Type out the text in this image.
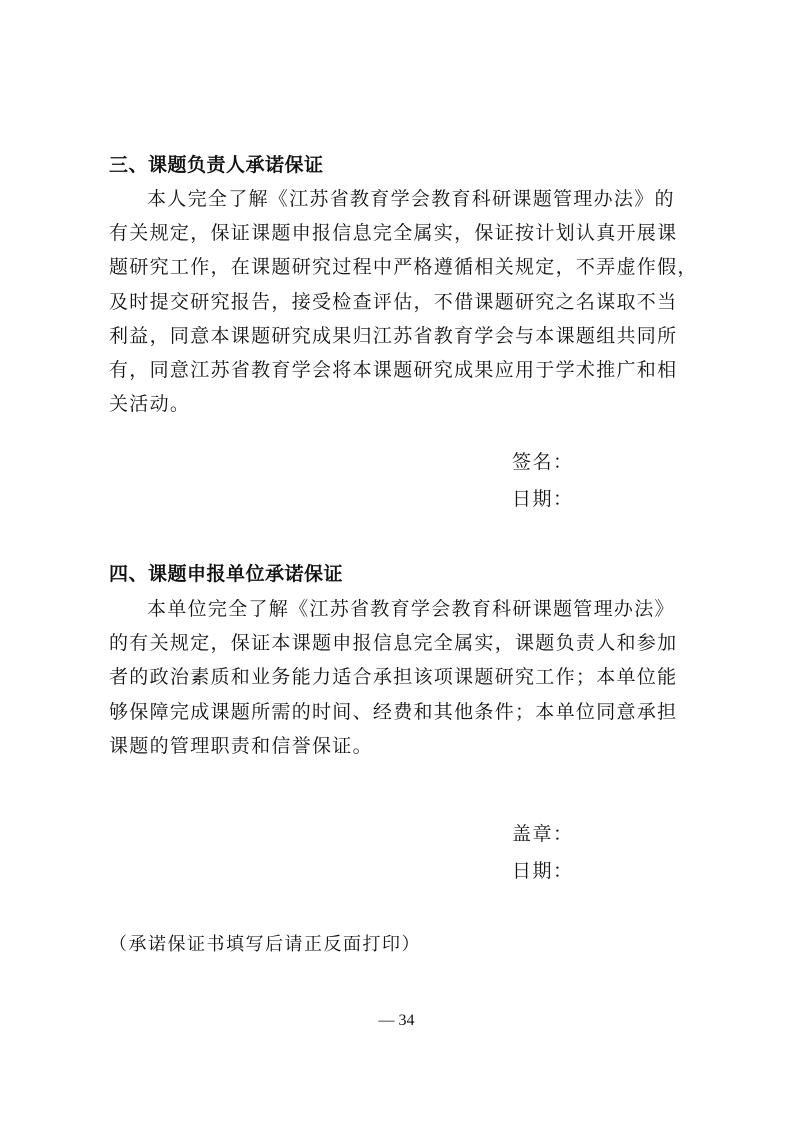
三、课题负责人承诺保证
本人完全了解《江苏省教育学会教育科研课题管理办法》的
有关规定，保证课题申报信息完全属实，保证按计划认真开展课
题研究工作，在课题研究过程中严格遵循相关规定，不弄虚作假，
及时提交研究报告，接受检查评估，不借课题研究之名谋取不当
利益，同意本课题研究成果归江苏省教育学会与本课题组共同所
有，同意江苏省教育学会将本课题研究成果应用于学术推广和相
关活动。
签名：
日期：
四、课题申报单位承诺保证
本单位完全了解《江苏省教育学会教育科研课题管理办法》
的有关规定，保证本课题申报信息完全属实，课题负责人和参加
者的政治素质和业务能力适合承担该项课题研究工作；本单位能
够保障完成课题所需的时间、经费和其他条件；本单位同意承担
课题的管理职责和信誉保证。
盖章：
日期：
（承诺保证书填写后请正反面打印）
— 34
